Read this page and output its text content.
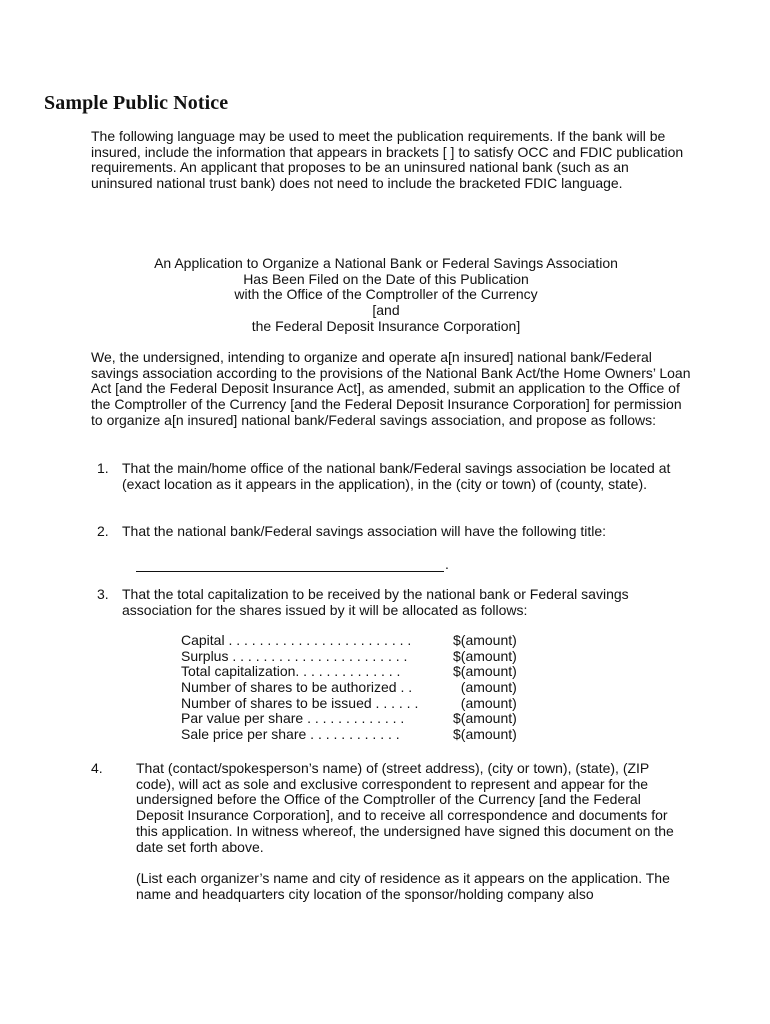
Sample Public Notice
The following language may be used to meet the publication requirements. If the bank will be insured, include the information that appears in brackets [ ] to satisfy OCC and FDIC publication requirements. An applicant that proposes to be an uninsured national bank (such as an uninsured national trust bank) does not need to include the bracketed FDIC language.
An Application to Organize a National Bank or Federal Savings Association
Has Been Filed on the Date of this Publication
with the Office of the Comptroller of the Currency
[and
the Federal Deposit Insurance Corporation]
We, the undersigned, intending to organize and operate a[n insured] national bank/Federal savings association according to the provisions of the National Bank Act/the Home Owners’ Loan Act [and the Federal Deposit Insurance Act], as amended, submit an application to the Office of the Comptroller of the Currency [and the Federal Deposit Insurance Corporation] for permission to organize a[n insured] national bank/Federal savings association, and propose as follows:
1. That the main/home office of the national bank/Federal savings association be located at (exact location as it appears in the application), in the (city or town) of (county, state).
2. That the national bank/Federal savings association will have the following title:
.
3. That the total capitalization to be received by the national bank or Federal savings association for the shares issued by it will be allocated as follows:
Capital . . . . . . . . . . . . . . . . . . . . . . . .	$(amount)
Surplus . . . . . . . . . . . . . . . . . . . . . . .	$(amount)
Total capitalization. . . . . . . . . . . . . .	$(amount)
Number of shares to be authorized . .	(amount)
Number of shares to be issued . . . . . . (amount)
Par value per share . . . . . . . . . . . . .	$(amount)
Sale price per share . . . . . . . . . . . .	$(amount)
4. That (contact/spokesperson’s name) of (street address), (city or town), (state), (ZIP code), will act as sole and exclusive correspondent to represent and appear for the undersigned before the Office of the Comptroller of the Currency [and the Federal Deposit Insurance Corporation], and to receive all correspondence and documents for this application. In witness whereof, the undersigned have signed this document on the date set forth above.
(List each organizer’s name and city of residence as it appears on the application. The name and headquarters city location of the sponsor/holding company also
